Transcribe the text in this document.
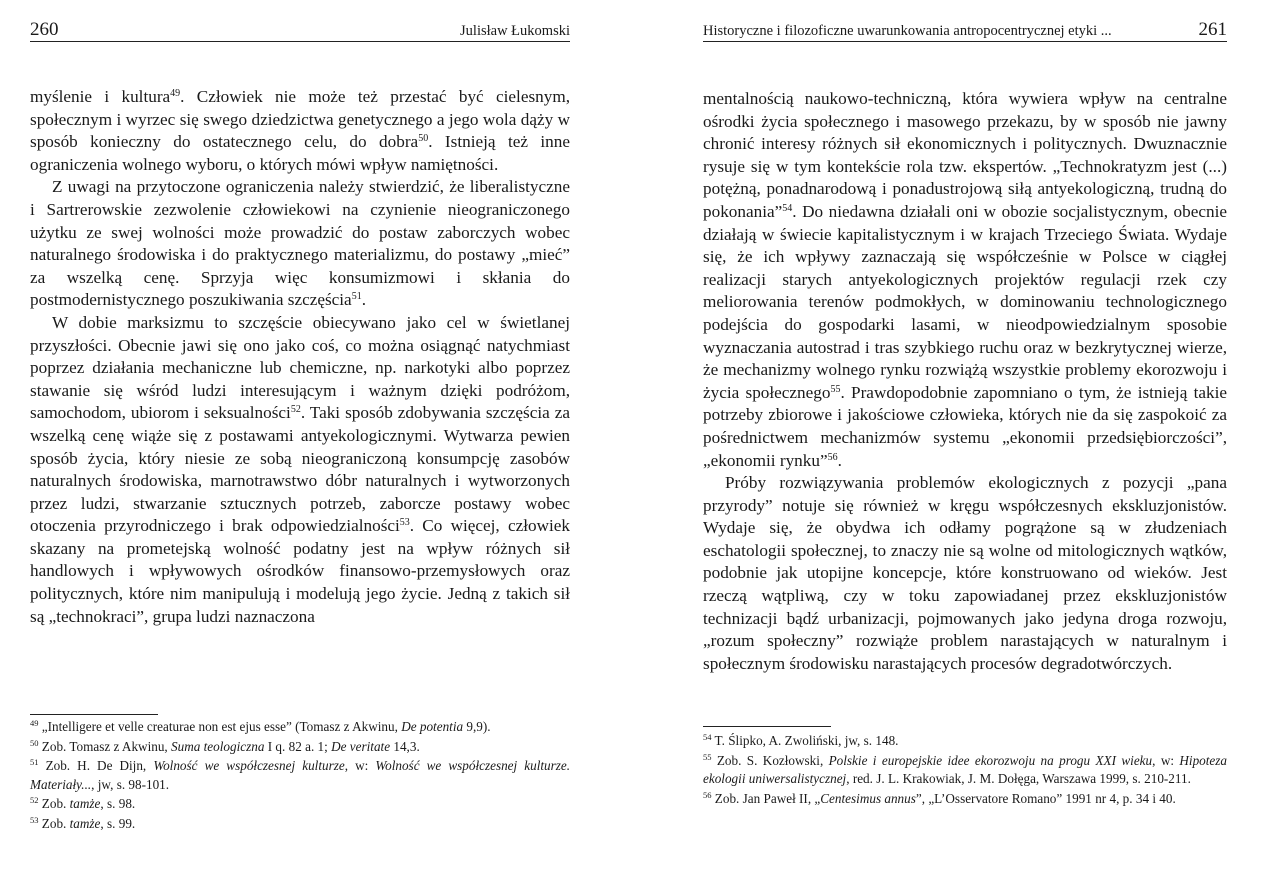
260	Julisław Łukomski

myślenie i kultura$^{49}$. Człowiek nie może też przestać być cielesnym, społecznym i wyrzec się swego dziedzictwa genetycznego a jego wola dąży w sposób konieczny do ostatecznego celu, do dobra$^{50}$. Istnieją też inne ograniczenia wolnego wyboru, o których mówi wpływ namiętności.

Z uwagi na przytoczone ograniczenia należy stwierdzić, że liberalistyczne i Sartrerowskie zezwolenie człowiekowi na czynienie nieograniczonego użytku ze swej wolności może prowadzić do postaw zaborczych wobec naturalnego środowiska i do praktycznego materializmu, do postawy „mieć” za wszelką cenę. Sprzyja więc konsumizmowi i skłania do postmodernistycznego poszukiwania szczęścia$^{51}$.

W dobie marksizmu to szczęście obiecywano jako cel w świetlanej przyszłości. Obecnie jawi się ono jako coś, co można osiągnąć natychmiast poprzez działania mechaniczne lub chemiczne, np. narkotyki albo poprzez stawanie się wśród ludzi interesującym i ważnym dzięki podróżom, samochodom, ubiorom i seksualności$^{52}$. Taki sposób zdobywania szczęścia za wszelką cenę wiąże się z postawami antyekologicznymi. Wytwarza pewien sposób życia, który niesie ze sobą nieograniczoną konsumpcję zasobów naturalnych środowiska, marnotrawstwo dóbr naturalnych i wytworzonych przez ludzi, stwarzanie sztucznych potrzeb, zaborcze postawy wobec otoczenia przyrodniczego i brak odpowiedzialności$^{53}$. Co więcej, człowiek skazany na prometejską wolność podatny jest na wpływ różnych sił handlowych i wpływowych ośrodków finansowo-przemysłowych oraz politycznych, które nim manipulują i modelują jego życie. Jedną z takich sił są „technokraci”, grupa ludzi naznaczona

$^{49}$ „Intelligere et velle creaturae non est ejus esse” (Tomasz z Akwinu, De potentia 9,9).
$^{50}$ Zob. Tomasz z Akwinu, Suma teologiczna I q. 82 a. 1; De veritate 14,3.
$^{51}$ Zob. H. De Dijn, Wolność we współczesnej kulturze, w: Wolność we współczesnej kulturze. Materiały..., jw, s. 98-101.
$^{52}$ Zob. tamże, s. 98.
$^{53}$ Zob. tamże, s. 99.
Historyczne i filozoficzne uwarunkowania antropocentrycznej etyki ...	261

mentalnością naukowo-techniczną, która wywiera wpływ na centralne ośrodki życia społecznego i masowego przekazu, by w sposób nie jawny chronić interesy różnych sił ekonomicznych i politycznych. Dwuznacznie rysuje się w tym kontekście rola tzw. ekspertów. „Technokratyzm jest (...) potężną, ponadnarodową i ponadustrojową siłą antyekologiczną, trudną do pokonania”$^{54}$. Do niedawna działali oni w obozie socjalistycznym, obecnie działają w świecie kapitalistycznym i w krajach Trzeciego Świata. Wydaje się, że ich wpływy zaznaczają się współcześnie w Polsce w ciągłej realizacji starych antyekologicznych projektów regulacji rzek czy meliorowania terenów podmokłych, w dominowaniu technologicznego podejścia do gospodarki lasami, w nieodpowiedzialnym sposobie wyznaczania autostrad i tras szybkiego ruchu oraz w bezkrytycznej wierze, że mechanizmy wolnego rynku rozwiążą wszystkie problemy ekorozwoju i życia społecznego$^{55}$. Prawdopodobnie zapomniano o tym, że istnieją takie potrzeby zbiorowe i jakościowe człowieka, których nie da się zaspokoić za pośrednictwem mechanizmów systemu „ekonomii przedsiębiorczości”, „ekonomii rynku”$^{56}$.

Próby rozwiązywania problemów ekologicznych z pozycji „pana przyrody” notuje się również w kręgu współczesnych ekskluzjonistów. Wydaje się, że obydwa ich odłamy pogrążone są w złudzeniach eschatologii społecznej, to znaczy nie są wolne od mitologicznych wątków, podobnie jak utopijne koncepcje, które konstruowano od wieków. Jest rzeczą wątpliwą, czy w toku zapowiadanej przez ekskluzjonistów technizacji bądź urbanizacji, pojmowanych jako jedyna droga rozwoju, „rozum społeczny” rozwiąże problem narastających w naturalnym i społecznym środowisku narastających procesów degradotwórczych.

$^{54}$ T. Ślipko, A. Zwoliński, jw, s. 148.
$^{55}$ Zob. S. Kozłowski, Polskie i europejskie idee ekorozwoju na progu XXI wieku, w: Hipoteza ekologii uniwersalistycznej, red. J. L. Krakowiak, J. M. Dołęga, Warszawa 1999, s. 210-211.
$^{56}$ Zob. Jan Paweł II, „Centesimus annus”, „L’Osservatore Romano” 1991 nr 4, p. 34 i 40.
